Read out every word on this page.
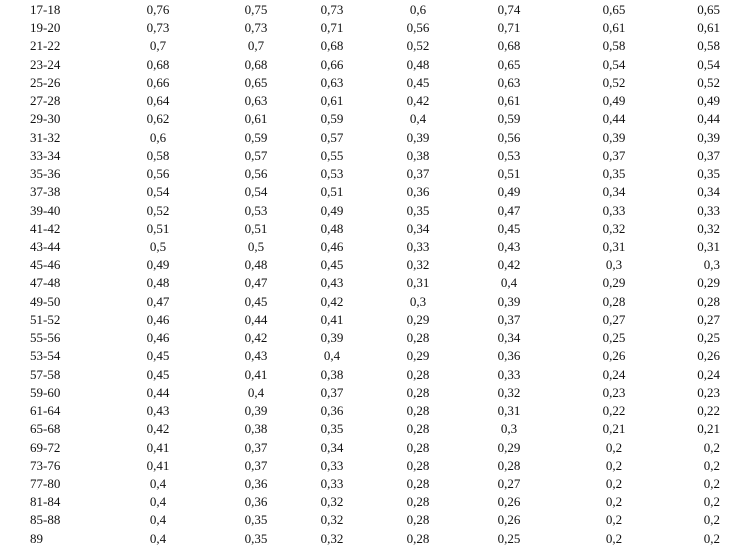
17-18	0,76	0,75	0,73	0,6	0,74	0,65	0,65
19-20	0,73	0,73	0,71	0,56	0,71	0,61	0,61
21-22	0,7	0,7	0,68	0,52	0,68	0,58	0,58
23-24	0,68	0,68	0,66	0,48	0,65	0,54	0,54
25-26	0,66	0,65	0,63	0,45	0,63	0,52	0,52
27-28	0,64	0,63	0,61	0,42	0,61	0,49	0,49
29-30	0,62	0,61	0,59	0,4	0,59	0,44	0,44
31-32	0,6	0,59	0,57	0,39	0,56	0,39	0,39
33-34	0,58	0,57	0,55	0,38	0,53	0,37	0,37
35-36	0,56	0,56	0,53	0,37	0,51	0,35	0,35
37-38	0,54	0,54	0,51	0,36	0,49	0,34	0,34
39-40	0,52	0,53	0,49	0,35	0,47	0,33	0,33
41-42	0,51	0,51	0,48	0,34	0,45	0,32	0,32
43-44	0,5	0,5	0,46	0,33	0,43	0,31	0,31
45-46	0,49	0,48	0,45	0,32	0,42	0,3	0,3
47-48	0,48	0,47	0,43	0,31	0,4	0,29	0,29
49-50	0,47	0,45	0,42	0,3	0,39	0,28	0,28
51-52	0,46	0,44	0,41	0,29	0,37	0,27	0,27
55-56	0,46	0,42	0,39	0,28	0,34	0,25	0,25
53-54	0,45	0,43	0,4	0,29	0,36	0,26	0,26
57-58	0,45	0,41	0,38	0,28	0,33	0,24	0,24
59-60	0,44	0,4	0,37	0,28	0,32	0,23	0,23
61-64	0,43	0,39	0,36	0,28	0,31	0,22	0,22
65-68	0,42	0,38	0,35	0,28	0,3	0,21	0,21
69-72	0,41	0,37	0,34	0,28	0,29	0,2	0,2
73-76	0,41	0,37	0,33	0,28	0,28	0,2	0,2
77-80	0,4	0,36	0,33	0,28	0,27	0,2	0,2
81-84	0,4	0,36	0,32	0,28	0,26	0,2	0,2
85-88	0,4	0,35	0,32	0,28	0,26	0,2	0,2
89	0,4	0,35	0,32	0,28	0,25	0,2	0,2
